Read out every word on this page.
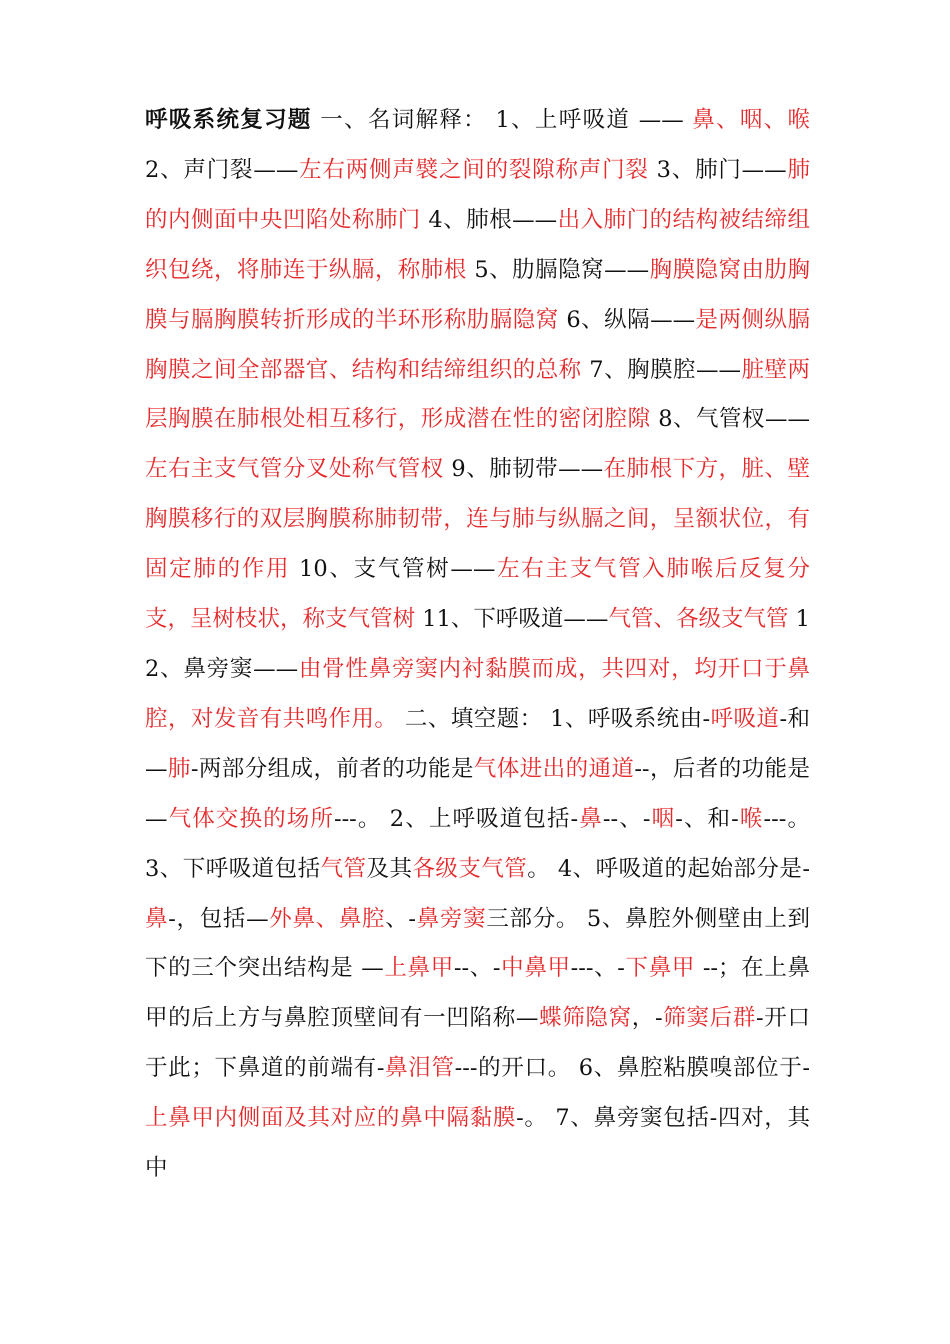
呼吸系统复习题 一、名词解释： 1、上呼吸道 —— 鼻、咽、喉 2、声门裂——左右两侧声襞之间的裂隙称声门裂 3、肺门——肺的内侧面中央凹陷处称肺门 4、肺根——出入肺门的结构被结缔组织包绕，将肺连于纵膈，称肺根 5、肋膈隐窝——胸膜隐窝由肋胸膜与膈胸膜转折形成的半环形称肋膈隐窝 6、纵隔——是两侧纵膈胸膜之间全部器官、结构和结缔组织的总称 7、胸膜腔——脏壁两层胸膜在肺根处相互移行，形成潜在性的密闭腔隙 8、气管杈——左右主支气管分叉处称气管杈 9、肺韧带——在肺根下方，脏、壁胸膜移行的双层胸膜称肺韧带，连与肺与纵膈之间，呈额状位，有固定肺的作用 10、支气管树——左右主支气管入肺喉后反复分支，呈树枝状，称支气管树 11、下呼吸道——气管、各级支气管 12、鼻旁窦——由骨性鼻旁窦内衬黏膜而成，共四对，均开口于鼻腔，对发音有共鸣作用。 二、填空题： 1、呼吸系统由-呼吸道-和—肺-两部分组成，前者的功能是气体进出的通道--，后者的功能是—气体交换的场所---。 2、上呼吸道包括-鼻--、-咽-、和-喉---。 3、下呼吸道包括气管及其各级支气管。 4、呼吸道的起始部分是-鼻-，包括—外鼻、鼻腔、-鼻旁窦三部分。 5、鼻腔外侧壁由上到下的三个突出结构是 —上鼻甲--、-中鼻甲---、-下鼻甲 --；在上鼻甲的后上方与鼻腔顶壁间有一凹陷称—蝶筛隐窝，-筛窦后群-开口于此；下鼻道的前端有-鼻泪管---的开口。 6、鼻腔粘膜嗅部位于-上鼻甲内侧面及其对应的鼻中隔黏膜-。 7、鼻旁窦包括-四对，其中
